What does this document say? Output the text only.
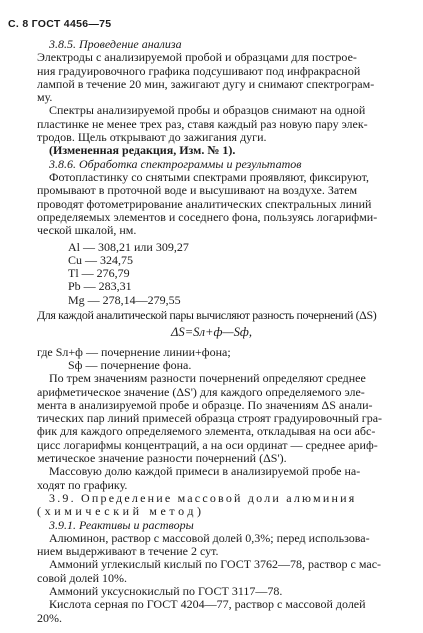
С. 8 ГОСТ 4456—75
3.8.5. Проведение анализа
Электроды с анализируемой пробой и образцами для построе-
ния градуировочного графика подсушивают под инфракрасной
лампой в течение 20 мин, зажигают дугу и снимают спектрограм-
му.
Спектры анализируемой пробы и образцов снимают на одной
пластинке не менее трех раз, ставя каждый раз новую пару элек-
тродов. Щель открывают до зажигания дуги.
(Измененная редакция, Изм. № 1).
3.8.6. Обработка спектрограммы и результатов
Фотопластинку со снятыми спектрами проявляют, фиксируют,
промывают в проточной воде и высушивают на воздухе. Затем
проводят фотометрирование аналитических спектральных линий
определяемых элементов и соседнего фона, пользуясь логарифми-
ческой шкалой, нм.
Al — 308,21 или 309,27
Cu — 324,75
Tl — 276,79
Pb — 283,31
Mg — 278,14—279,55
Для каждой аналитической пары вычисляют разность почернений (ΔS)
ΔS=Sл+ф—Sф,
где Sл+ф — почернение линии+фона;
Sф — почернение фона.
По трем значениям разности почернений определяют среднее
арифметическое значение (ΔS') для каждого определяемого эле-
мента в анализируемой пробе и образце. По значениям ΔS анали-
тических пар линий примесей образца строят градуировочный гра-
фик для каждого определяемого элемента, откладывая на оси абс-
цисс логарифмы концентраций, а на оси ординат — среднее ариф-
метическое значение разности почернений (ΔS').
Массовую долю каждой примеси в анализируемой пробе на-
ходят по графику.
3.9. Определение массовой доли алюминия
(химический метод)
3.9.1. Реактивы и растворы
Алюминон, раствор с массовой долей 0,3%; перед использова-
нием выдерживают в течение 2 сут.
Аммоний углекислый кислый по ГОСТ 3762—78, раствор с мас-
совой долей 10%.
Аммоний уксуснокислый по ГОСТ 3117—78.
Кислота серная по ГОСТ 4204—77, раствор с массовой долей
20%.
